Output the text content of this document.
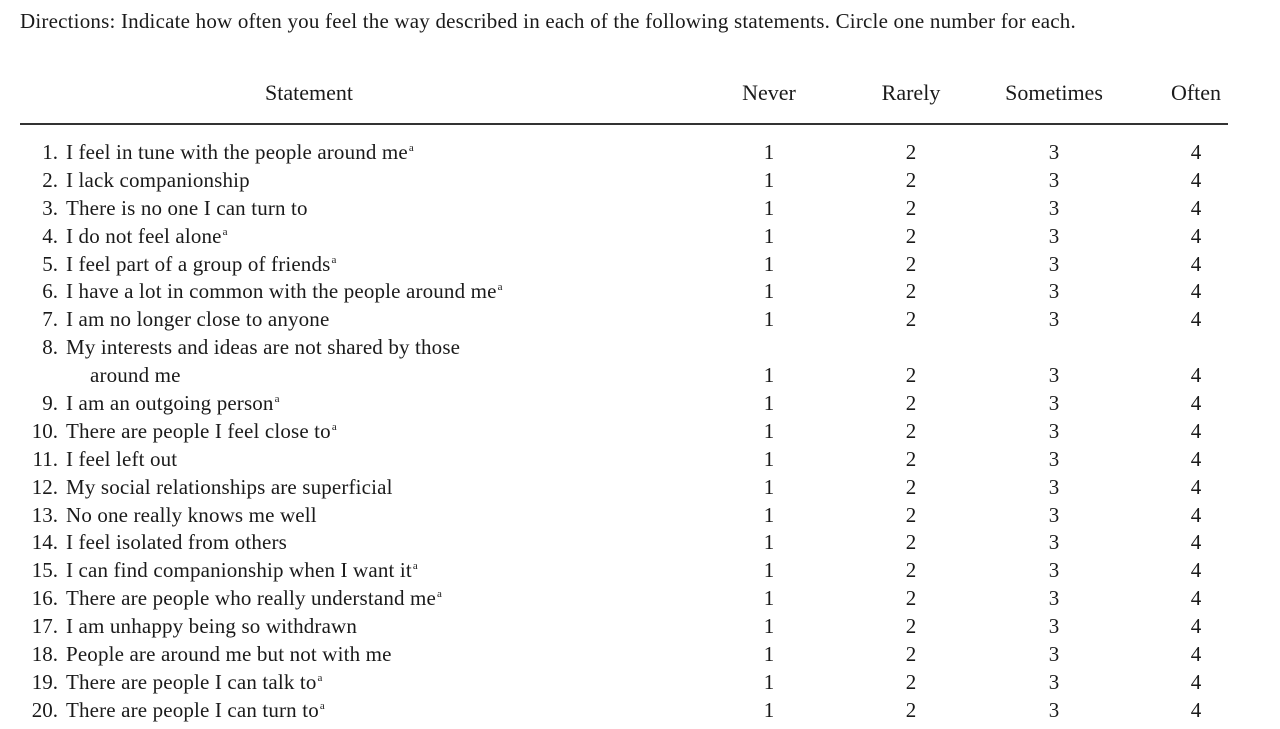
Directions: Indicate how often you feel the way described in each of the following statements. Circle one number for each.
Statement	Never	Rarely	Sometimes	Often
1. I feel in tune with the people around $me^a$	1	2	3	4
2. I lack companionship	1	2	3	4
3. There is no one I can turn to	1	2	3	4
4. I do not feel alone$^a$	1	2	3	4
5. I feel part of a group of friends$^a$	1	2	3	4
6. I have a lot in common with the people around $me^a$	1	2	3	4
7. I am no longer close to anyone	1	2	3	4
8. My interests and ideas are not shared by those
around me	1	2	3	4
9. I am an outgoing person$^a$	1	2	3	4
10. There are people I feel close $to^a$	1	2	3	4
11. I feel left out	1	2	3	4
12. My social relationships are superficial	1	2	3	4
13. No one really knows me well	1	2	3	4
14. I feel isolated from others	1	2	3	4
15. I can find companionship when I want $it^a$	1	2	3	4
16. There are people who really understand $me^a$	1	2	3	4
17. I am unhappy being so withdrawn	1	2	3	4
18. People are around me but not with me	1	2	3	4
19. There are people I can talk $to^a$	1	2	3	4
20. There are people I can turn $to^a$	1	2	3	4
